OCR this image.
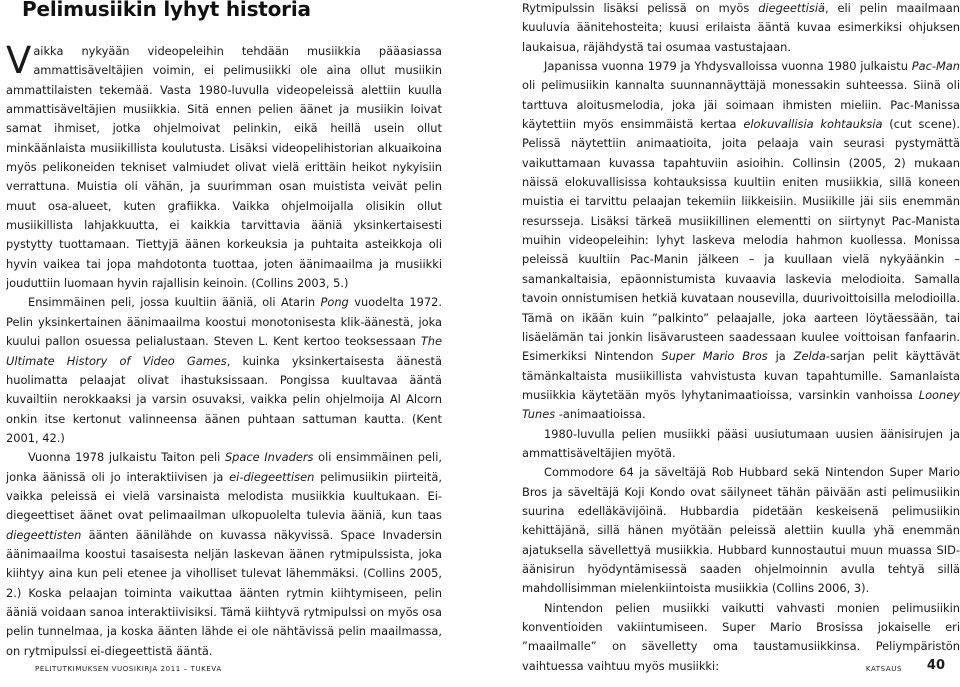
Pelimusiikin lyhyt historia

Vaikka nykyään videopeleihin tehdään musiikkia pääasiassa ammattisäveltäjien voimin, ei pelimusiikki ole aina ollut musiikin ammattilaisten tekemää. Vasta 1980-luvulla videopeleissä alettiin kuulla ammattisäveltäjien musiikkia. Sitä ennen pelien äänet ja musiikin loivat samat ihmiset, jotka ohjelmoivat pelinkin, eikä heillä usein ollut minkäänlaista musiikillista koulutusta. Lisäksi videopelihistorian alkuaikoina myös pelikoneiden tekniset valmiudet olivat vielä erittäin heikot nykyisiin verrattuna. Muistia oli vähän, ja suurimman osan muistista veivät pelin muut osa-alueet, kuten grafiikka. Vaikka ohjelmoijalla olisikin ollut musiikillista lahjakkuutta, ei kaikkia tarvittavia ääniä yksinkertaisesti pystytty tuottamaan. Tiettyjä äänen korkeuksia ja puhtaita asteikkoja oli hyvin vaikea tai jopa mahdotonta tuottaa, joten äänimaailma ja musiikki jouduttiin luomaan hyvin rajallisin keinoin. (Collins 2003, 5.)

Ensimmäinen peli, jossa kuultiin ääniä, oli Atarin Pong vuodelta 1972. Pelin yksinkertainen äänimaailma koostui monotonisesta klik-äänestä, joka kuului pallon osuessa pelialustaan. Steven L. Kent kertoo teoksessaan The Ultimate History of Video Games, kuinka yksinkertaisesta äänestä huolimatta pelaajat olivat ihastuksissaan. Pongissa kuultavaa ääntä kuvailtiin nerokkaaksi ja varsin osuvaksi, vaikka pelin ohjelmoija Al Alcorn onkin itse kertonut valinneensa äänen puhtaan sattuman kautta. (Kent 2001, 42.)

Vuonna 1978 julkaistu Taiton peli Space Invaders oli ensimmäinen peli, jonka äänissä oli jo interaktiivisen ja ei-diegeettisen pelimusiikin piirteitä, vaikka peleissä ei vielä varsinaista melodista musiikkia kuultukaan. Ei-diegeettiset äänet ovat pelimaailman ulkopuolelta tulevia ääniä, kun taas diegeettisten äänten äänilähde on kuvassa näkyvissä. Space Invadersin äänimaailma koostui tasaisesta neljän laskevan äänen rytmipulssista, joka kiihtyy aina kun peli etenee ja viholliset tulevat lähemmäksi. (Collins 2005, 2.) Koska pelaajan toiminta vaikuttaa äänten rytmin kiihtymiseen, pelin ääniä voidaan sanoa interaktiivisiksi. Tämä kiihtyvä rytmipulssi on myös osa pelin tunnelmaa, ja koska äänten lähde ei ole nähtävissä pelin maailmassa, on rytmipulssi ei-diegeettistä ääntä.

Rytmipulssin lisäksi pelissä on myös diegeettisiä, eli pelin maailmaan kuuluvia äänitehosteita; kuusi erilaista ääntä kuvaa esimerkiksi ohjuksen laukaisua, räjähdystä tai osumaa vastustajaan.

Japanissa vuonna 1979 ja Yhdysvalloissa vuonna 1980 julkaistu Pac-Man oli pelimusiikin kannalta suunnannäyttäjä monessakin suhteessa. Siinä oli tarttuva aloitusmelodia, joka jäi soimaan ihmisten mieliin. Pac-Manissa käytettiin myös ensimmäistä kertaa elokuvallisia kohtauksia (cut scene). Pelissä näytettiin animaatioita, joita pelaaja vain seurasi pystymättä vaikuttamaan kuvassa tapahtuviin asioihin. Collinsin (2005, 2) mukaan näissä elokuvallisissa kohtauksissa kuultiin eniten musiikkia, sillä koneen muistia ei tarvittu pelaajan tekemiin liikkeisiin. Musiikille jäi siis enemmän resursseja. Lisäksi tärkeä musiikillinen elementti on siirtynyt Pac-Manista muihin videopeleihin: lyhyt laskeva melodia hahmon kuollessa. Monissa peleissä kuultiin Pac-Manin jälkeen – ja kuullaan vielä nykyäänkin – samankaltaisia, epäonnistumista kuvaavia laskevia melodioita. Samalla tavoin onnistumisen hetkiä kuvataan nousevilla, duurivoittoisilla melodioilla. Tämä on ikään kuin ”palkinto” pelaajalle, joka aarteen löytäessään, tai lisäelämän tai jonkin lisävarusteen saadessaan kuulee voittoisan fanfaarin. Esimerkiksi Nintendon Super Mario Bros ja Zelda-sarjan pelit käyttävät tämänkaltaista musiikillista vahvistusta kuvan tapahtumille. Samanlaista musiikkia käytetään myös lyhytanimaatioissa, varsinkin vanhoissa Looney Tunes -animaatioissa.

1980-luvulla pelien musiikki pääsi uusiutumaan uusien äänisirujen ja ammattisäveltäjien myötä.

Commodore 64 ja säveltäjä Rob Hubbard sekä Nintendon Super Mario Bros ja säveltäjä Koji Kondo ovat säilyneet tähän päivään asti pelimusiikin suurina edelläkävijöinä. Hubbardia pidetään keskeisenä pelimusiikin kehittäjänä, sillä hänen myötään peleissä alettiin kuulla yhä enemmän ajatuksella sävellettyä musiikkia. Hubbard kunnostautui muun muassa SID-äänisirun hyödyntämisessä saaden ohjelmoinnin avulla tehtyä sillä mahdollisimman mielenkiintoista musiikkia (Collins 2006, 3).

Nintendon pelien musiikki vaikutti vahvasti monien pelimusiikin konventioiden vakiintumiseen. Super Mario Brosissa jokaiselle eri ”maailmalle” on sävelletty oma taustamusiikkinsa. Peliympäristön vaihtuessa vaihtuu myös musiikki:

PELITUTKIMUKSEN VUOSIKIRJA 2011 – TUKEVA	KATSAUS 40
